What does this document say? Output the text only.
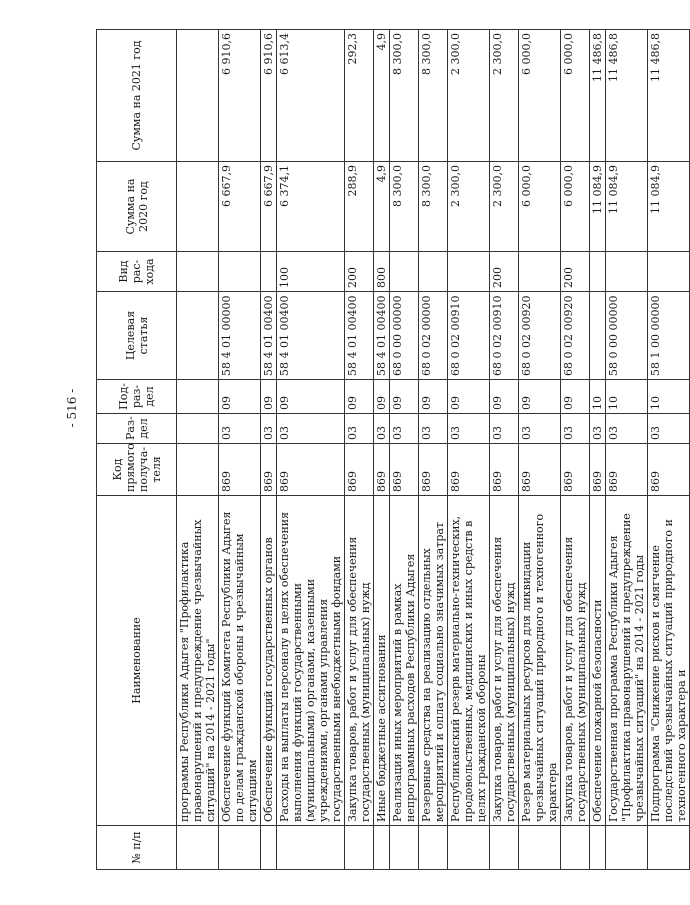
- 516 -
№ п/п	Наименование	Код прямого получа-теля	Раз-дел	Под-раз-дел	Целевая статья	Вид рас-хода	Сумма на 2020 год	Сумма на 2021 год
	программы Республики Адыгея "Профилактика правонарушений и предупреждение чрезвычайных ситуаций" на 2014 - 2021 годы"							
	Обеспечение функций Комитета Республики Адыгея по делам гражданской обороны и чрезвычайным ситуациям	869	03	09	58 4 01 00000		6 667,9	6 910,6
	Обеспечение функций государственных органов	869	03	09	58 4 01 00400		6 667,9	6 910,6
	Расходы на выплаты персоналу в целях обеспечения выполнения функций государственными (муниципальными) органами, казенными учреждениями, органами управления государственными внебюджетными фондами	869	03	09	58 4 01 00400	100	6 374,1	6 613,4
	Закупка товаров, работ и услуг для обеспечения государственных (муниципальных) нужд	869	03	09	58 4 01 00400	200	288,9	292,3
	Иные бюджетные ассигнования	869	03	09	58 4 01 00400	800	4,9	4,9
	Реализация иных мероприятий в рамках непрограммных расходов Республики Адыгея	869	03	09	68 0 00 00000		8 300,0	8 300,0
	Резервные средства на реализацию отдельных мероприятий и оплату социально значимых затрат	869	03	09	68 0 02 00000		8 300,0	8 300,0
	Республиканский резерв материально-технических, продовольственных, медицинских и иных средств в целях гражданской обороны	869	03	09	68 0 02 00910		2 300,0	2 300,0
	Закупка товаров, работ и услуг для обеспечения государственных (муниципальных) нужд	869	03	09	68 0 02 00910	200	2 300,0	2 300,0
	Резерв материальных ресурсов для ликвидации чрезвычайных ситуаций природного и техногенного характера	869	03	09	68 0 02 00920		6 000,0	6 000,0
	Закупка товаров, работ и услуг для обеспечения государственных (муниципальных) нужд	869	03	09	68 0 02 00920	200	6 000,0	6 000,0
	Обеспечение пожарной безопасности	869	03	10			11 084,9	11 486,8
	Государственная программа Республики Адыгея "Профилактика правонарушений и предупреждение чрезвычайных ситуаций" на 2014 - 2021 годы	869	03	10	58 0 00 00000		11 084,9	11 486,8
	Подпрограмма "Снижение рисков и смягчение последствий чрезвычайных ситуаций природного и техногенного характера и	869	03	10	58 1 00 00000		11 084,9	11 486,8
